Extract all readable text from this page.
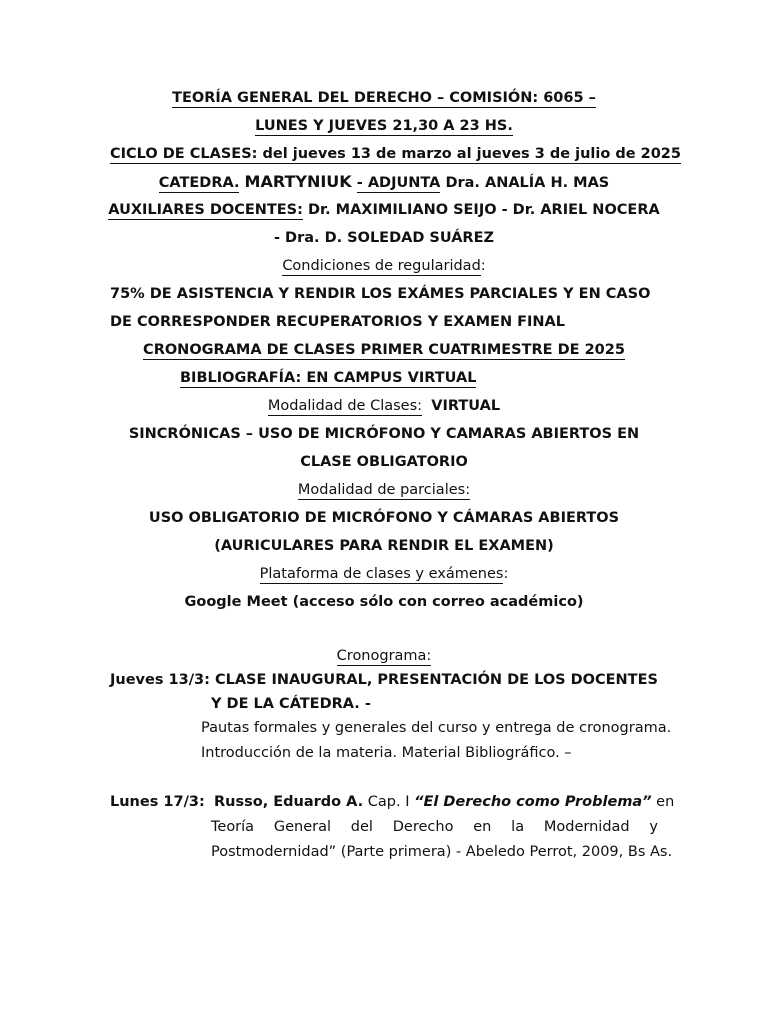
TEORÍA GENERAL DEL DERECHO – COMISIÓN: 6065 –
LUNES Y JUEVES 21,30 A 23 HS.
CICLO DE CLASES: del jueves 13 de marzo al jueves 3 de julio de 2025
CATEDRA. MARTYNIUK - ADJUNTA Dra. ANALÍA H. MAS
AUXILIARES DOCENTES: Dr. MAXIMILIANO SEIJO - Dr. ARIEL NOCERA
- Dra. D. SOLEDAD SUÁREZ
Condiciones de regularidad:
75% DE ASISTENCIA Y RENDIR LOS EXÁMES PARCIALES Y EN CASO
DE CORRESPONDER RECUPERATORIOS Y EXAMEN FINAL
CRONOGRAMA DE CLASES PRIMER CUATRIMESTRE DE 2025
BIBLIOGRAFÍA: EN CAMPUS VIRTUAL
Modalidad de Clases: VIRTUAL
SINCRÓNICAS – USO DE MICRÓFONO Y CAMARAS ABIERTOS EN
CLASE OBLIGATORIO
Modalidad de parciales:
USO OBLIGATORIO DE MICRÓFONO Y CÁMARAS ABIERTOS
(AURICULARES PARA RENDIR EL EXAMEN)
Plataforma de clases y exámenes:
Google Meet (acceso sólo con correo académico)
Cronograma:
Jueves 13/3: CLASE INAUGURAL, PRESENTACIÓN DE LOS DOCENTES
Y DE LA CÁTEDRA. -
Pautas formales y generales del curso y entrega de cronograma.
Introducción de la materia. Material Bibliográfico. –
Lunes 17/3: Russo, Eduardo A. Cap. I “El Derecho como Problema” en
Teoría General del Derecho en la Modernidad y
Postmodernidad” (Parte primera) - Abeledo Perrot, 2009, Bs As.
